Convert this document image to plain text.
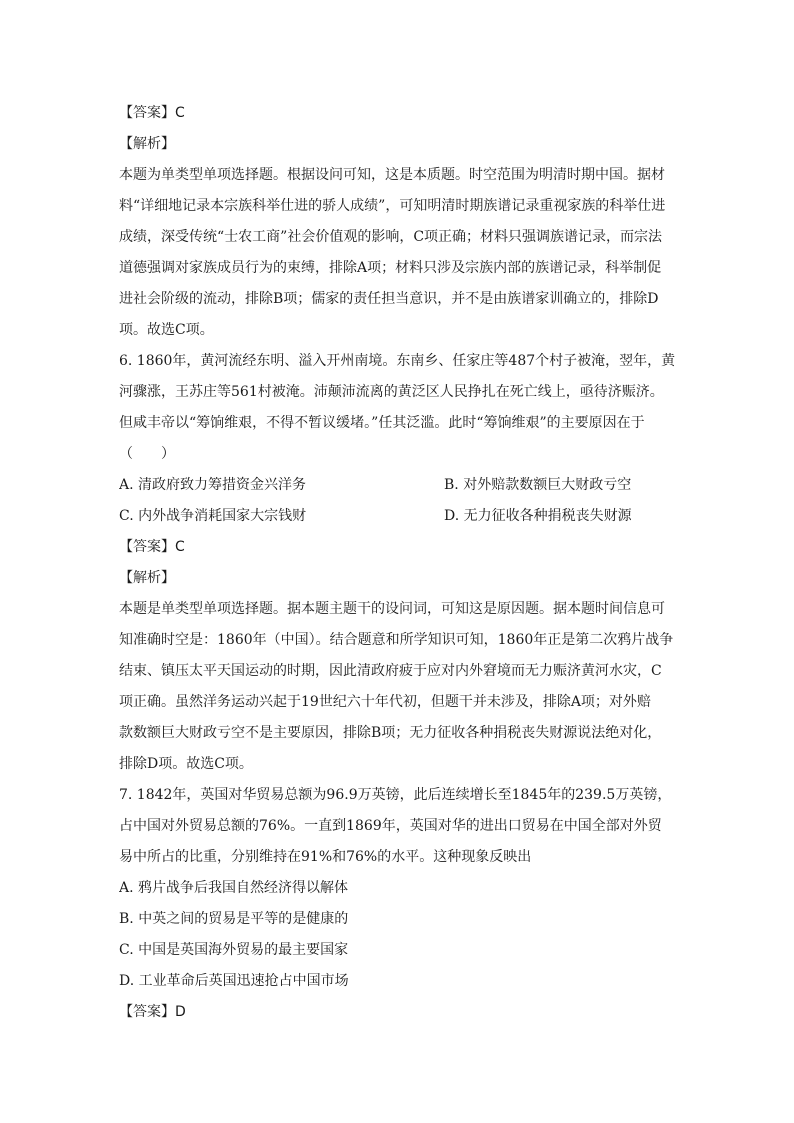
【答案】C
【解析】
本题为单类型单项选择题。根据设问可知，这是本质题。时空范围为明清时期中国。据材
料“详细地记录本宗族科举仕进的骄人成绩”，可知明清时期族谱记录重视家族的科举仕进
成绩，深受传统“士农工商”社会价值观的影响，C项正确；材料只强调族谱记录，而宗法
道德强调对家族成员行为的束缚，排除A项；材料只涉及宗族内部的族谱记录，科举制促
进社会阶级的流动，排除B项；儒家的责任担当意识，并不是由族谱家训确立的，排除D
项。故选C项。
6. 1860年，黄河流经东明、溢入开州南境。东南乡、任家庄等487个村子被淹，翌年，黄
河骤涨，王苏庄等561村被淹。沛颠沛流离的黄泛区人民挣扎在死亡线上，亟待济赈济。
但咸丰帝以“筹饷维艰，不得不暂议缓堵。”任其泛滥。此时“筹饷维艰”的主要原因在于
（　　）
A. 清政府致力筹措资金兴洋务	B. 对外赔款数额巨大财政亏空
C. 内外战争消耗国家大宗钱财	D. 无力征收各种捐税丧失财源
【答案】C
【解析】
本题是单类型单项选择题。据本题主题干的设问词，可知这是原因题。据本题时间信息可
知准确时空是：1860年（中国）。结合题意和所学知识可知，1860年正是第二次鸦片战争
结束、镇压太平天国运动的时期，因此清政府疲于应对内外窘境而无力赈济黄河水灾，C
项正确。虽然洋务运动兴起于19世纪六十年代初，但题干并未涉及，排除A项；对外赔
款数额巨大财政亏空不是主要原因，排除B项；无力征收各种捐税丧失财源说法绝对化，
排除D项。故选C项。
7. 1842年，英国对华贸易总额为96.9万英镑，此后连续增长至1845年的239.5万英镑，
占中国对外贸易总额的76%。一直到1869年，英国对华的进出口贸易在中国全部对外贸
易中所占的比重，分别维持在91%和76%的水平。这种现象反映出
A. 鸦片战争后我国自然经济得以解体
B. 中英之间的贸易是平等的是健康的
C. 中国是英国海外贸易的最主要国家
D. 工业革命后英国迅速抢占中国市场
【答案】D
